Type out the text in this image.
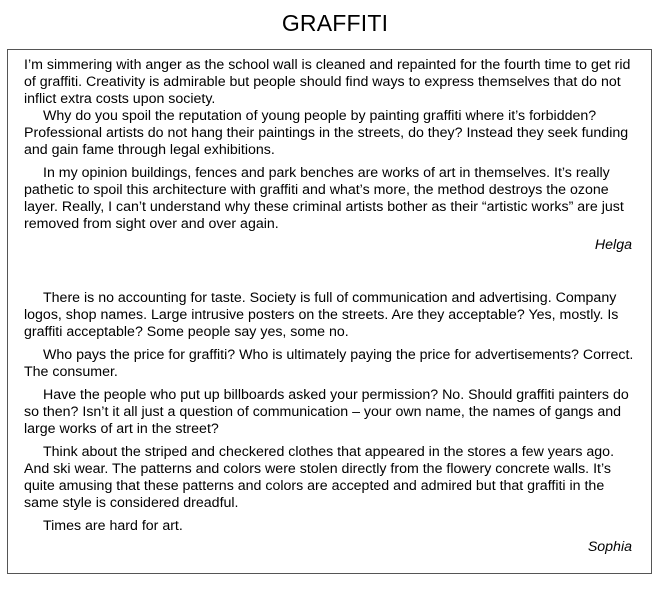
GRAFFITI

I’m simmering with anger as the school wall is cleaned and repainted for the fourth time to get rid of graffiti. Creativity is admirable but people should find ways to express themselves that do not inflict extra costs upon society.

Why do you spoil the reputation of young people by painting graffiti where it’s forbidden? Professional artists do not hang their paintings in the streets, do they? Instead they seek funding and gain fame through legal exhibitions.

In my opinion buildings, fences and park benches are works of art in themselves. It’s really pathetic to spoil this architecture with graffiti and what’s more, the method destroys the ozone layer. Really, I can’t understand why these criminal artists bother as their “artistic works” are just removed from sight over and over again.

Helga

There is no accounting for taste. Society is full of communication and advertising. Company logos, shop names. Large intrusive posters on the streets. Are they acceptable? Yes, mostly. Is graffiti acceptable? Some people say yes, some no.

Who pays the price for graffiti? Who is ultimately paying the price for advertisements? Correct. The consumer.

Have the people who put up billboards asked your permission? No. Should graffiti painters do so then? Isn’t it all just a question of communication – your own name, the names of gangs and large works of art in the street?

Think about the striped and checkered clothes that appeared in the stores a few years ago. And ski wear. The patterns and colors were stolen directly from the flowery concrete walls. It’s quite amusing that these patterns and colors are accepted and admired but that graffiti in the same style is considered dreadful.

Times are hard for art.

Sophia
